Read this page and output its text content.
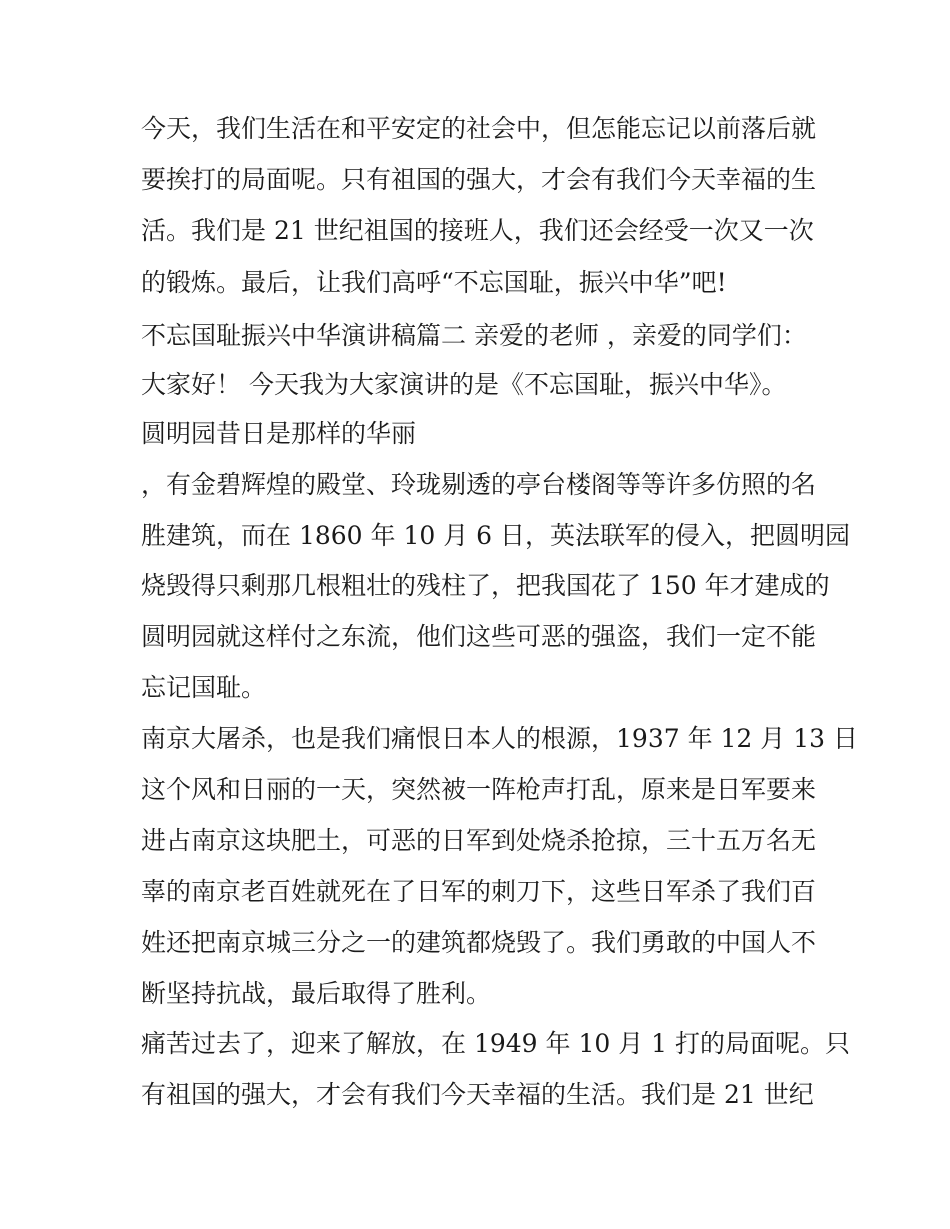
今天，我们生活在和平安定的社会中，但怎能忘记以前落后就
要挨打的局面呢。只有祖国的强大，才会有我们今天幸福的生
活。我们是 21 世纪祖国的接班人，我们还会经受一次又一次
的锻炼。最后，让我们高呼“不忘国耻，振兴中华”吧!
不忘国耻振兴中华演讲稿篇二 亲爱的老师 ，亲爱的同学们：
大家好！ 今天我为大家演讲的是《不忘国耻，振兴中华》。
圆明园昔日是那样的华丽
，有金碧辉煌的殿堂、玲珑剔透的亭台楼阁等等许多仿照的名
胜建筑，而在 1860 年 10 月 6 日，英法联军的侵入，把圆明园
烧毁得只剩那几根粗壮的残柱了，把我国花了 150 年才建成的
圆明园就这样付之东流，他们这些可恶的强盗，我们一定不能
忘记国耻。
南京大屠杀，也是我们痛恨日本人的根源，1937 年 12 月 13 日
这个风和日丽的一天，突然被一阵枪声打乱，原来是日军要来
进占南京这块肥土，可恶的日军到处烧杀抢掠，三十五万名无
辜的南京老百姓就死在了日军的刺刀下，这些日军杀了我们百
姓还把南京城三分之一的建筑都烧毁了。我们勇敢的中国人不
断坚持抗战，最后取得了胜利。
痛苦过去了，迎来了解放，在 1949 年 10 月 1 打的局面呢。只
有祖国的强大，才会有我们今天幸福的生活。我们是 21 世纪
